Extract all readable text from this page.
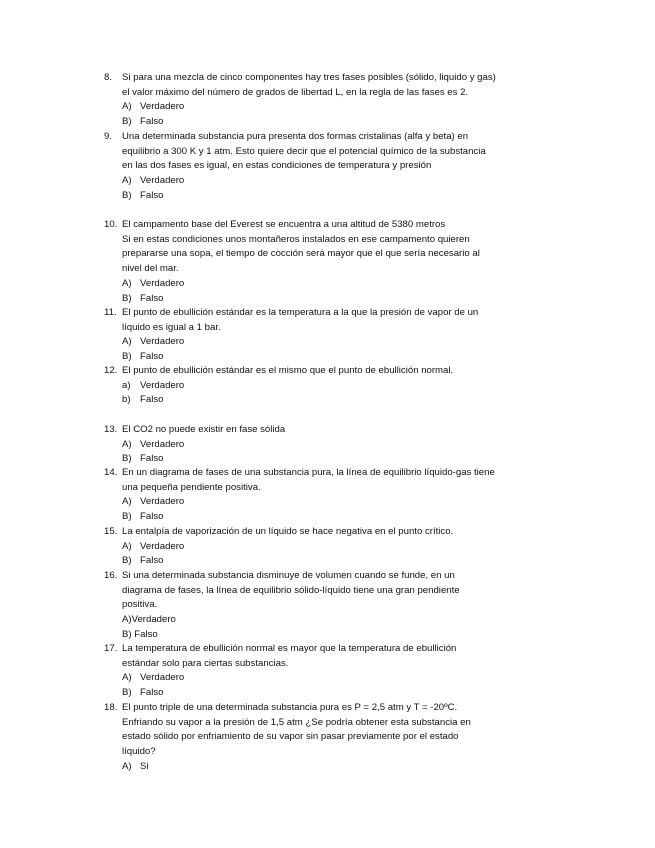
8.	Si para una mezcla de cinco componentes hay tres fases posibles (sólido, liquido y gas)
el valor máximo del número de grados de libertad L, en la regla de las fases es 2.
A) Verdadero
B) Falso
9.	Una determinada substancia pura presenta dos formas cristalinas (alfa y beta) en
equilibrio a 300 K y 1 atm. Esto quiere decir que el potencial químico de la substancia
en las dos fases es igual, en estas condiciones de temperatura y presión
A) Verdadero
B) Falso
10. El campamento base del Everest se encuentra a una altitud de 5380 metros
Si en estas condiciones unos montañeros instalados en ese campamento quieren
prepararse una sopa, el tiempo de cocción será mayor que el que sería necesario al
nivel del mar.
A) Verdadero
B) Falso
11. El punto de ebullición estándar es la temperatura a la que la presión de vapor de un
líquido es igual a 1 bar.
A) Verdadero
B) Falso
12. El punto de ebullición estándar es el mismo que el punto de ebullición normal.
a) Verdadero
b) Falso
13. El CO2 no puede existir en fase sólida
A) Verdadero
B) Falso
14. En un diagrama de fases de una substancia pura, la línea de equilibrio líquido-gas tiene
una pequeña pendiente positiva.
A) Verdadero
B) Falso
15. La entalpía de vaporización de un líquido se hace negativa en el punto crítico.
A) Verdadero
B) Falso
16. Si una determinada substancia disminuye de volumen cuando se funde, en un
diagrama de fases, la línea de equilibrio sólido-líquido tiene una gran pendiente
positiva.
A)Verdadero
B) Falso
17. La temperatura de ebullición normal es mayor que la temperatura de ebullición
estándar solo para ciertas substancias.
A) Verdadero
B) Falso
18. El punto triple de una determinada substancia pura es P = 2,5 atm y T = -20ºC.
Enfriando su vapor a la presión de 1,5 atm ¿Se podría obtener esta substancia en
estado sólido por enfriamiento de su vapor sin pasar previamente por el estado
líquido?
A) Si
